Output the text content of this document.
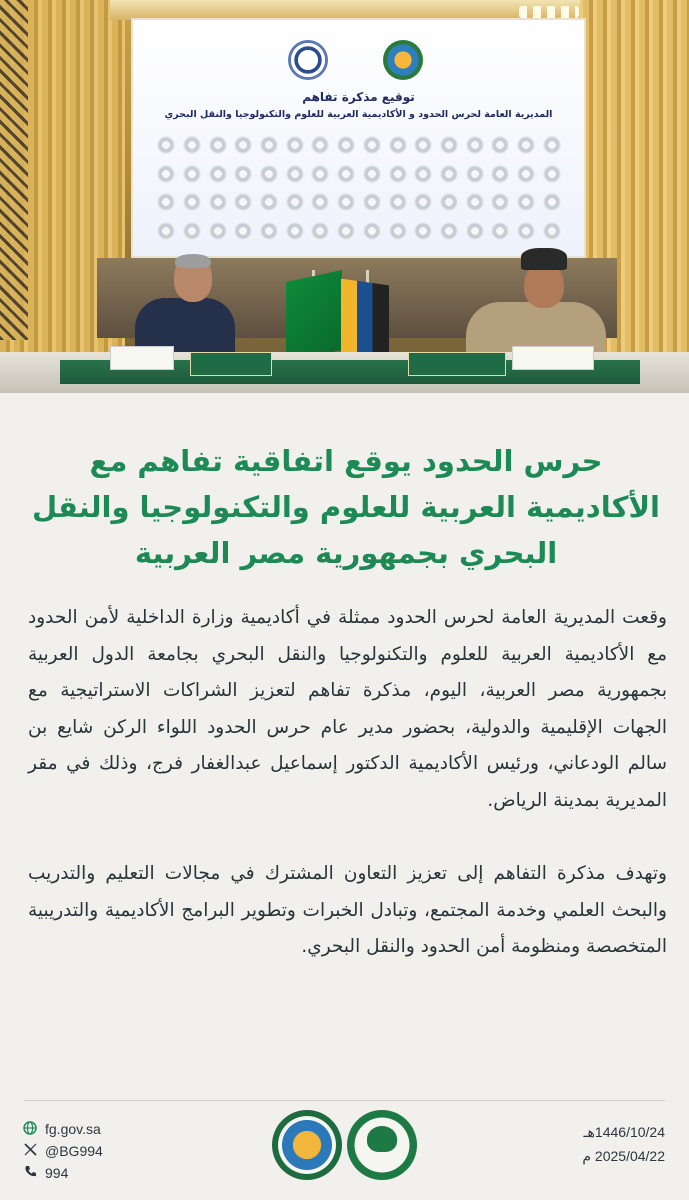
توقيع مذكرة تفاهم
المديرية العامة لحرس الحدود و الأكاديمية العربية للعلوم والتكنولوجيا والنقل البحري
حرس الحدود يوقع اتفاقية تفاهم مع الأكاديمية العربية للعلوم والتكنولوجيا والنقل البحري بجمهورية مصر العربية

وقعت المديرية العامة لحرس الحدود ممثلة في أكاديمية وزارة الداخلية لأمن الحدود مع الأكاديمية العربية للعلوم والتكنولوجيا والنقل البحري بجامعة الدول العربية بجمهورية مصر العربية، اليوم، مذكرة تفاهم لتعزيز الشراكات الاستراتيجية مع الجهات الإقليمية والدولية، بحضور مدير عام حرس الحدود اللواء الركن شايع بن سالم الودعاني، ورئيس الأكاديمية الدكتور إسماعيل عبدالغفار فرج، وذلك في مقر المديرية بمدينة الرياض.

وتهدف مذكرة التفاهم إلى تعزيز التعاون المشترك في مجالات التعليم والتدريب والبحث العلمي وخدمة المجتمع، وتبادل الخبرات وتطوير البرامج الأكاديمية والتدريبية المتخصصة ومنظومة أمن الحدود والنقل البحري.

fg.gov.sa
@BG994
994
1446/10/24هـ
2025/04/22 م
